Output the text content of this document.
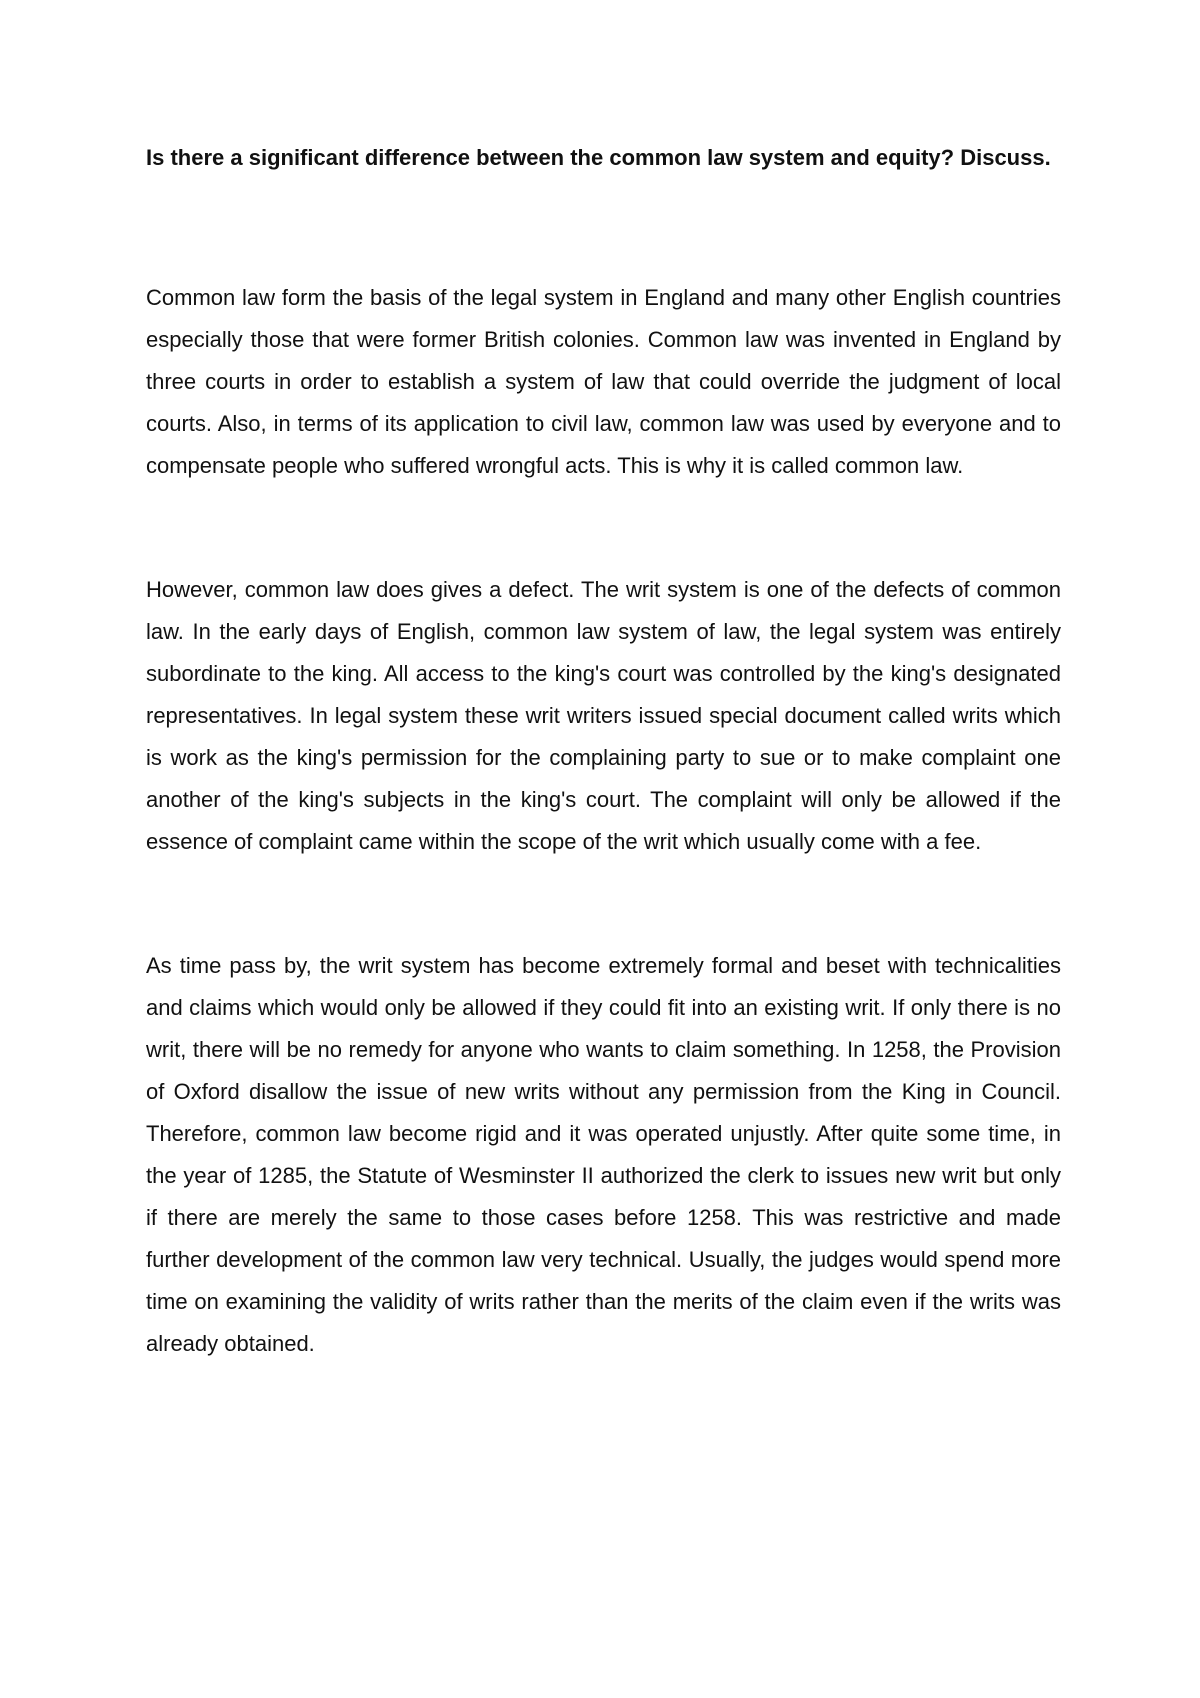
Is there a significant difference between the common law system and equity? Discuss.

Common law form the basis of the legal system in England and many other English countries especially those that were former British colonies. Common law was invented in England by three courts in order to establish a system of law that could override the judgment of local courts. Also, in terms of its application to civil law, common law was used by everyone and to compensate people who suffered wrongful acts. This is why it is called common law.

However, common law does gives a defect. The writ system is one of the defects of common law. In the early days of English, common law system of law, the legal system was entirely subordinate to the king. All access to the king's court was controlled by the king's designated representatives. In legal system these writ writers issued special document called writs which is work as the king's permission for the complaining party to sue or to make complaint one another of the king's subjects in the king's court. The complaint will only be allowed if the essence of complaint came within the scope of the writ which usually come with a fee.

As time pass by, the writ system has become extremely formal and beset with technicalities and claims which would only be allowed if they could fit into an existing writ. If only there is no writ, there will be no remedy for anyone who wants to claim something. In 1258, the Provision of Oxford disallow the issue of new writs without any permission from the King in Council. Therefore, common law become rigid and it was operated unjustly. After quite some time, in the year of 1285, the Statute of Wesminster II authorized the clerk to issues new writ but only if there are merely the same to those cases before 1258. This was restrictive and made further development of the common law very technical. Usually, the judges would spend more time on examining the validity of writs rather than the merits of the claim even if the writs was already obtained.
